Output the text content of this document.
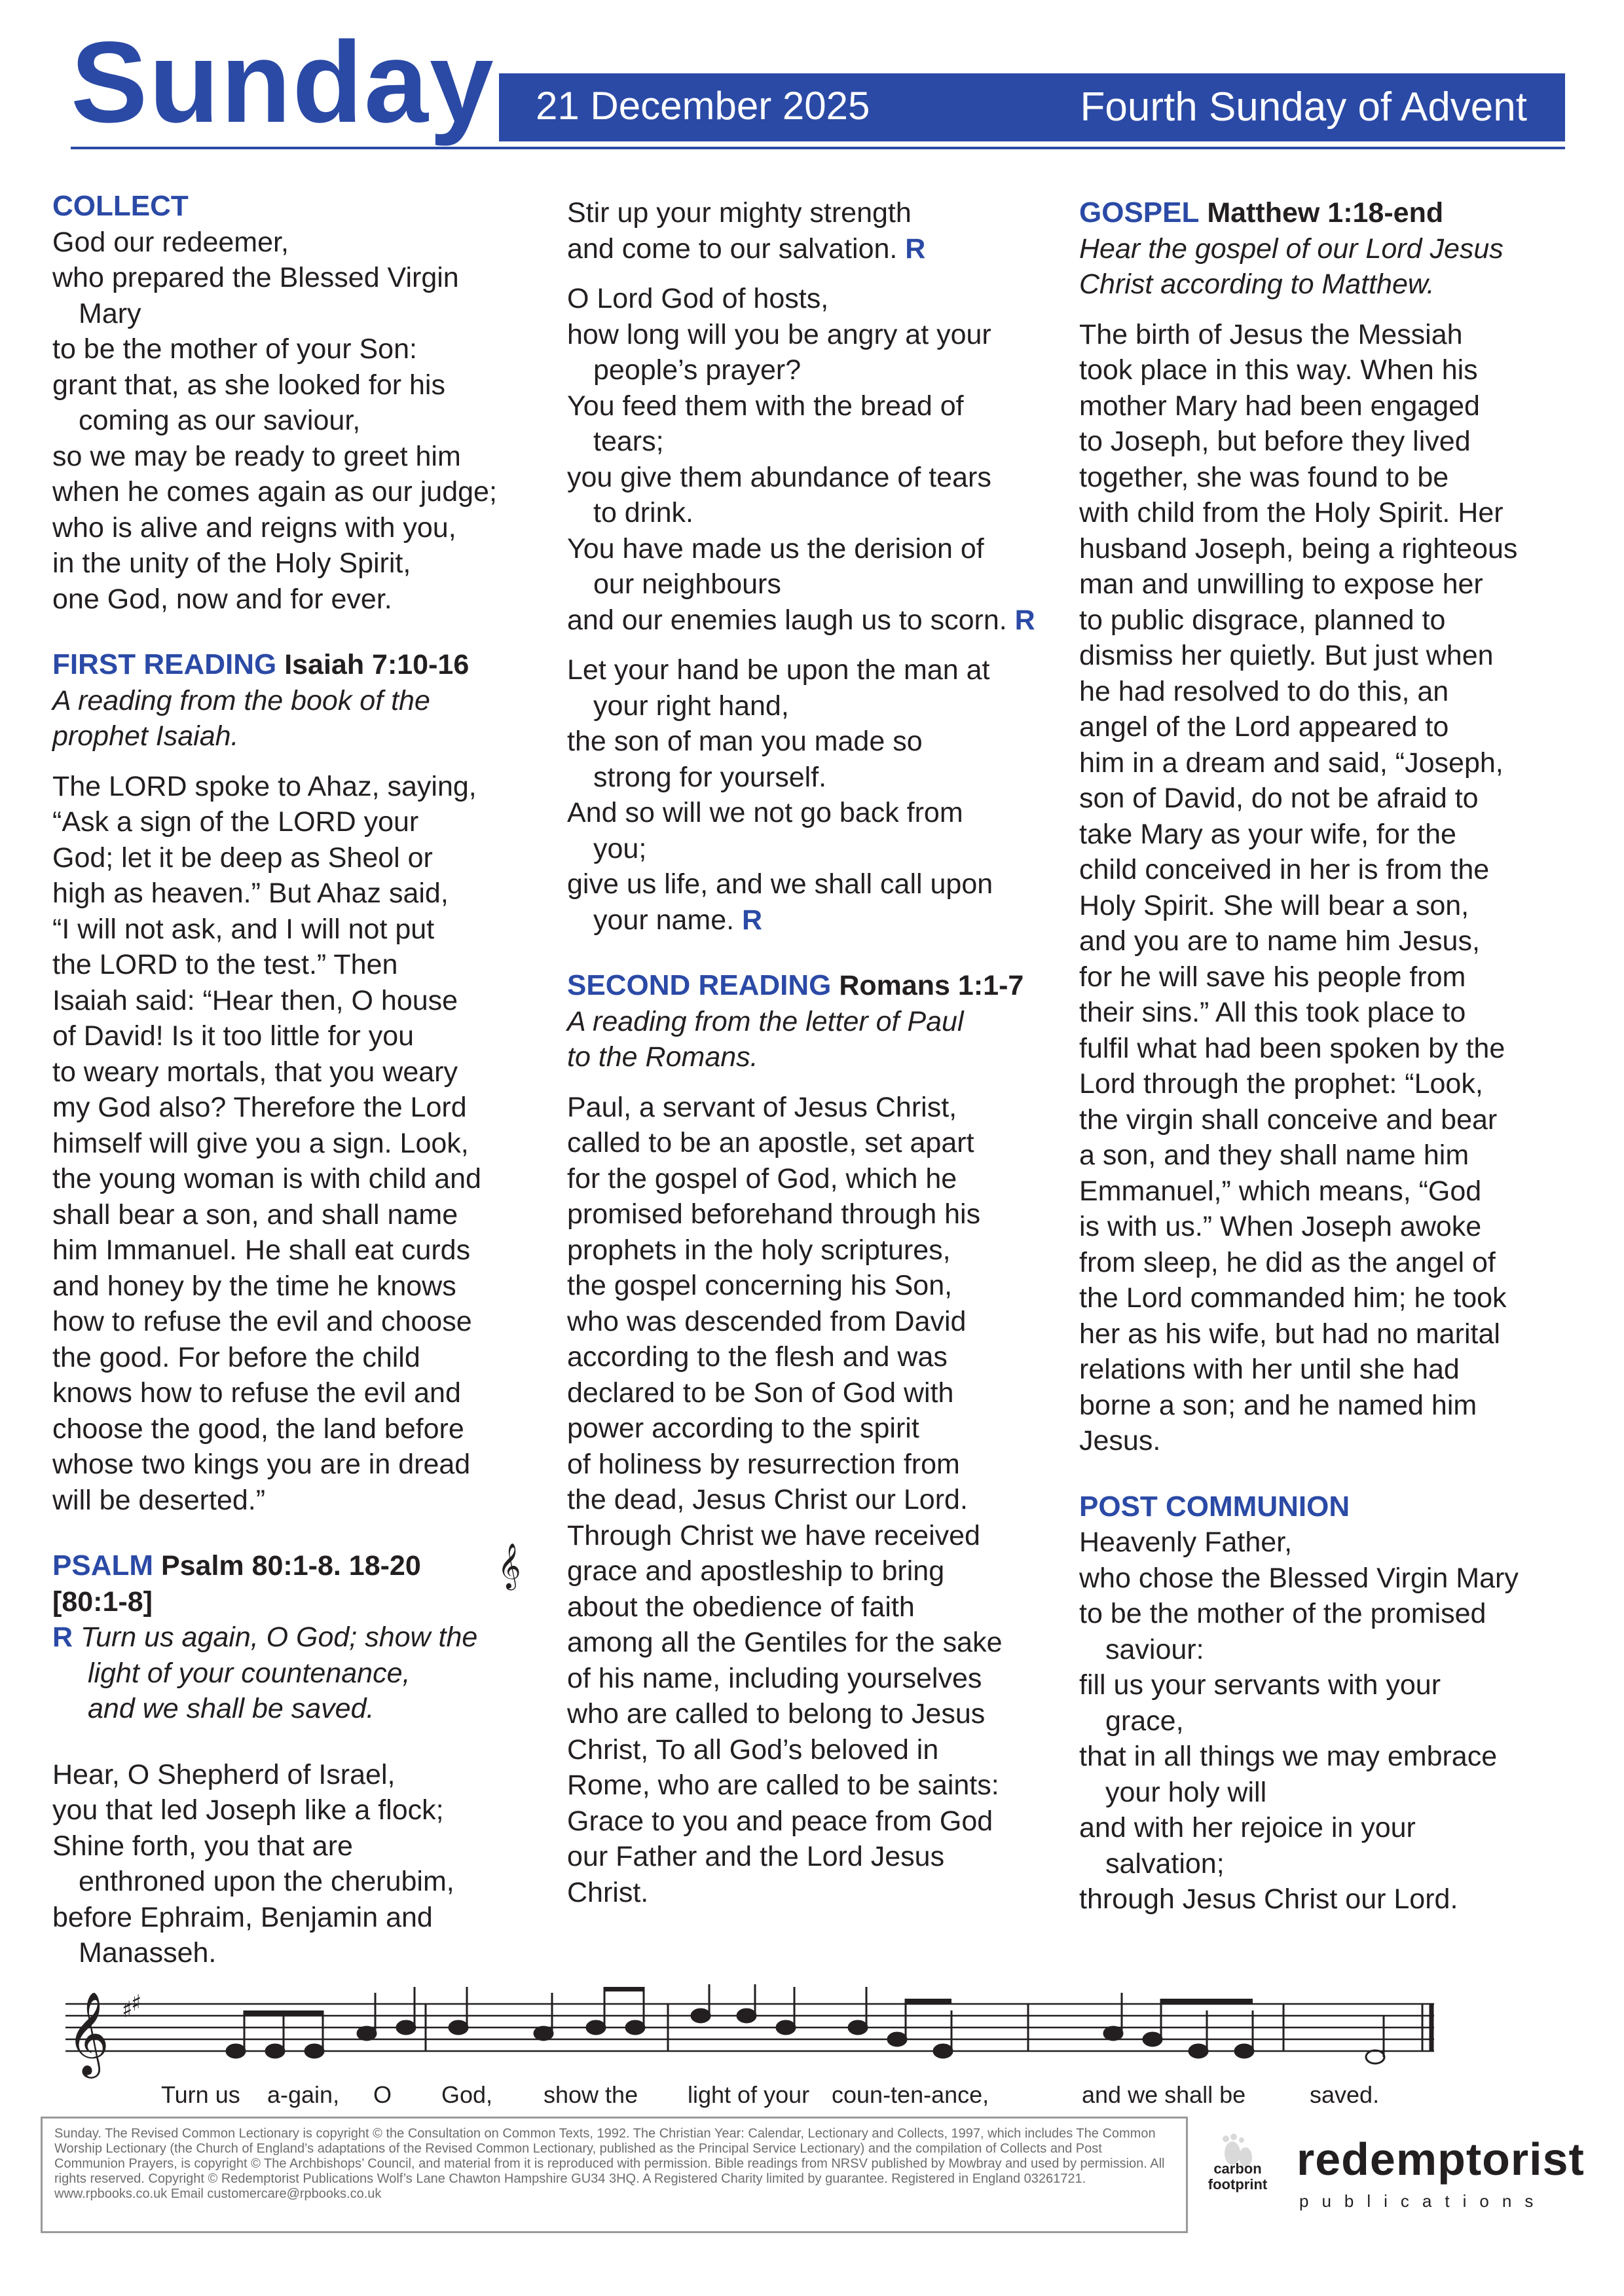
Sunday 21 December 2025	Fourth Sunday of Advent

COLLECT

God our redeemer,

who prepared the Blessed Virgin

Mary

to be the mother of your Son:

grant that, as she looked for his

coming as our saviour,

so we may be ready to greet him

when he comes again as our judge;

who is alive and reigns with you,

in the unity of the Holy Spirit,

one God, now and for ever.

FIRST READING Isaiah 7:10-16

A reading from the book of the

prophet Isaiah.

The LORD spoke to Ahaz, saying,

“Ask a sign of the LORD your

God; let it be deep as Sheol or

high as heaven.” But Ahaz said,

“I will not ask, and I will not put

the LORD to the test.” Then

Isaiah said: “Hear then, O house

of David! Is it too little for you

to weary mortals, that you weary

my God also? Therefore the Lord

himself will give you a sign. Look,

the young woman is with child and

shall bear a son, and shall name

him Immanuel. He shall eat curds

and honey by the time he knows

how to refuse the evil and choose

the good. For before the child

knows how to refuse the evil and

choose the good, the land before

whose two kings you are in dread

will be deserted.”

PSALM Psalm 80:1-8. 18-20	𝄞

[80:1-8]

R Turn us again, O God; show the

light of your countenance,

and we shall be saved.

Hear, O Shepherd of Israel,

you that led Joseph like a flock;

Shine forth, you that are

enthroned upon the cherubim,

before Ephraim, Benjamin and

Manasseh.

Stir up your mighty strength

and come to our salvation. R

O Lord God of hosts,

how long will you be angry at your

people’s prayer?

You feed them with the bread of

tears;

you give them abundance of tears

to drink.

You have made us the derision of

our neighbours

and our enemies laugh us to scorn. R

Let your hand be upon the man at

your right hand,

the son of man you made so

strong for yourself.

And so will we not go back from

you;

give us life, and we shall call upon

your name. R

SECOND READING Romans 1:1-7

A reading from the letter of Paul

to the Romans.

Paul, a servant of Jesus Christ,

called to be an apostle, set apart

for the gospel of God, which he

promised beforehand through his

prophets in the holy scriptures,

the gospel concerning his Son,

who was descended from David

according to the flesh and was

declared to be Son of God with

power according to the spirit

of holiness by resurrection from

the dead, Jesus Christ our Lord.

Through Christ we have received

grace and apostleship to bring

about the obedience of faith

among all the Gentiles for the sake

of his name, including yourselves

who are called to belong to Jesus

Christ, To all God’s beloved in

Rome, who are called to be saints:

Grace to you and peace from God

our Father and the Lord Jesus

Christ.

GOSPEL Matthew 1:18-end

Hear the gospel of our Lord Jesus

Christ according to Matthew.

The birth of Jesus the Messiah

took place in this way. When his

mother Mary had been engaged

to Joseph, but before they lived

together, she was found to be

with child from the Holy Spirit. Her

husband Joseph, being a righteous

man and unwilling to expose her

to public disgrace, planned to

dismiss her quietly. But just when

he had resolved to do this, an

angel of the Lord appeared to

him in a dream and said, “Joseph,

son of David, do not be afraid to

take Mary as your wife, for the

child conceived in her is from the

Holy Spirit. She will bear a son,

and you are to name him Jesus,

for he will save his people from

their sins.” All this took place to

fulfil what had been spoken by the

Lord through the prophet: “Look,

the virgin shall conceive and bear

a son, and they shall name him

Emmanuel,” which means, “God

is with us.” When Joseph awoke

from sleep, he did as the angel of

the Lord commanded him; he took

her as his wife, but had no marital

relations with her until she had

borne a son; and he named him

Jesus.

POST COMMUNION

Heavenly Father,

who chose the Blessed Virgin Mary

to be the mother of the promised

saviour:

fill us your servants with your

grace,

that in all things we may embrace

your holy will

and with her rejoice in your

salvation;

through Jesus Christ our Lord.

𝄞 ♯
♯
Turn us a-gain, O God, show the light of your coun-ten-ance,	and we shall be	saved.
Sunday. The Revised Common Lectionary is copyright © the Consultation on Common Texts, 1992. The Christian Year: Calendar, Lectionary and Collects, 1997, which includes The Common Worship Lectionary (the Church of England’s adaptations of the Revised Common Lectionary, published as the Principal Service Lectionary) and the compilation of Collects and Post Communion Prayers, is copyright © The Archbishops’ Council, and material from it is reproduced with permission. Bible readings from NRSV published by Mowbray and used by permission. All rights reserved. Copyright © Redemptorist Publications Wolf’s Lane Chawton Hampshire GU34 3HQ. A Registered Charity limited by guarantee. Registered in England 03261721. www.rpbooks.co.uk Email customercare@rpbooks.co.uk
carbon
footprint redemptorist
publications
